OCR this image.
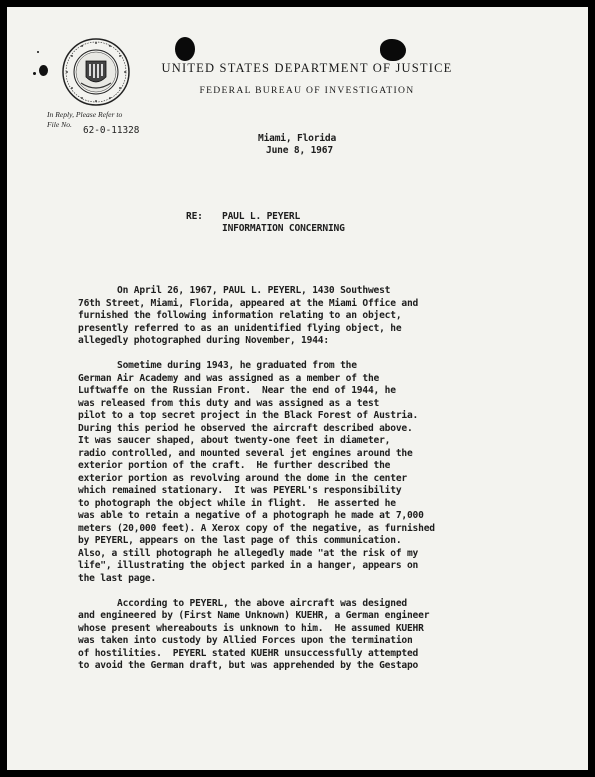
UNITED STATES DEPARTMENT OF JUSTICE
FEDERAL BUREAU OF INVESTIGATION
In Reply, Please Refer to
File No.
62-0-11328
Miami, Florida
June 8, 1967
RE: PAUL L. PEYERL
INFORMATION CONCERNING
On April 26, 1967, PAUL L. PEYERL, 1430 Southwest
76th Street, Miami, Florida, appeared at the Miami Office and
furnished the following information relating to an object,
presently referred to as an unidentified flying object, he
allegedly photographed during November, 1944:
Sometime during 1943, he graduated from the
German Air Academy and was assigned as a member of the
Luftwaffe on the Russian Front.  Near the end of 1944, he
was released from this duty and was assigned as a test
pilot to a top secret project in the Black Forest of Austria.
During this period he observed the aircraft described above.
It was saucer shaped, about twenty-one feet in diameter,
radio controlled, and mounted several jet engines around the
exterior portion of the craft.  He further described the
exterior portion as revolving around the dome in the center
which remained stationary.  It was PEYERL's responsibility
to photograph the object while in flight.  He asserted he
was able to retain a negative of a photograph he made at 7,000
meters (20,000 feet). A Xerox copy of the negative, as furnished
by PEYERL, appears on the last page of this communication.
Also, a still photograph he allegedly made "at the risk of my
life", illustrating the object parked in a hanger, appears on
the last page.
According to PEYERL, the above aircraft was designed
and engineered by (First Name Unknown) KUEHR, a German engineer
whose present whereabouts is unknown to him.  He assumed KUEHR
was taken into custody by Allied Forces upon the termination
of hostilities.  PEYERL stated KUEHR unsuccessfully attempted
to avoid the German draft, but was apprehended by the Gestapo
